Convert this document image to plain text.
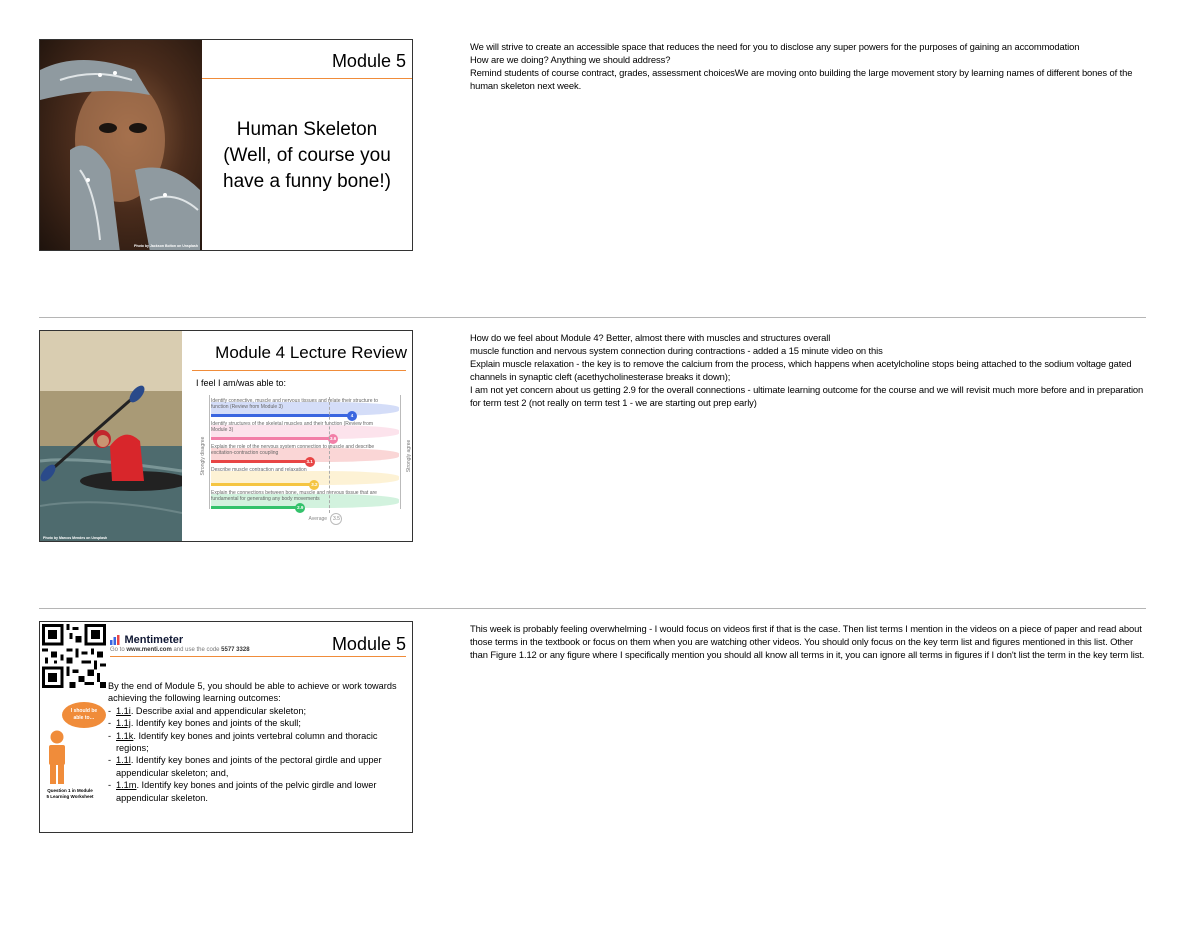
Photo by Jackson Bolton on Unsplash
Module 5
Human Skeleton (Well, of course you have a funny bone!)
We will strive to create an accessible space that reduces the need for you to disclose any super powers for the purposes of gaining an accommodation
How are we doing? Anything we should address?
Remind students of course contract, grades, assessment choicesWe are moving onto building the large movement story by learning names of different bones of the human skeleton next week.
Photo by Marcos Mendes on Unsplash
Module 4 Lecture Review
I feel I am/was able to:
Strongly disagree	Strongly agree
Identify connective, muscle and nervous tissues and relate their structure to function (Review from Module 3)
4
Identify structures of the skeletal muscles and their function (Review from Module 3)
3.6
Explain the role of the nervous system connection to muscle and describe excitation-contraction coupling
3.1
Describe muscle contraction and relaxation
3.2
Explain the connections between bone, muscle and nervous tissue that are fundamental for generating any body movements
2.9
Average 3.5
How do we feel about Module 4? Better, almost there with muscles and structures overall
muscle function and nervous system connection during contractions - added a 15 minute video on this
Explain muscle relaxation - the key is to remove the calcium from the process, which happens when acetylcholine stops being attached to the sodium voltage gated channels in synaptic cleft (acethycholinesterase breaks it down);
I am not yet concern about us getting 2.9 for the overall connections - ultimate learning outcome for the course and we will revisit much more before and in preparation for term test 2 (not really on term test 1 - we are starting out prep early)
Mentimeter
Go to www.menti.com and use the code 5577 3328	Module 5
I should be able to…
Question 1 in Module 5 Learning Worksheet
By the end of Module 5, you should be able to achieve or work towards achieving the following learning outcomes:
- 1.1i. Describe axial and appendicular skeleton;
- 1.1j. Identify key bones and joints of the skull;
- 1.1k. Identify key bones and joints vertebral column and thoracic regions;
- 1.1l. Identify key bones and joints of the pectoral girdle and upper appendicular skeleton; and,
- 1.1m. Identify key bones and joints of the pelvic girdle and lower appendicular skeleton.
This week is probably feeling overwhelming - I would focus on videos first if that is the case. Then list terms I mention in the videos on a piece of paper and read about those terms in the textbook or focus on them when you are watching other videos. You should only focus on the key term list and figures mentioned in this list. Other than Figure 1.12 or any figure where I specifically mention you should all know all terms in it, you can ignore all terms in figures if I don't list the term in the key term list.
